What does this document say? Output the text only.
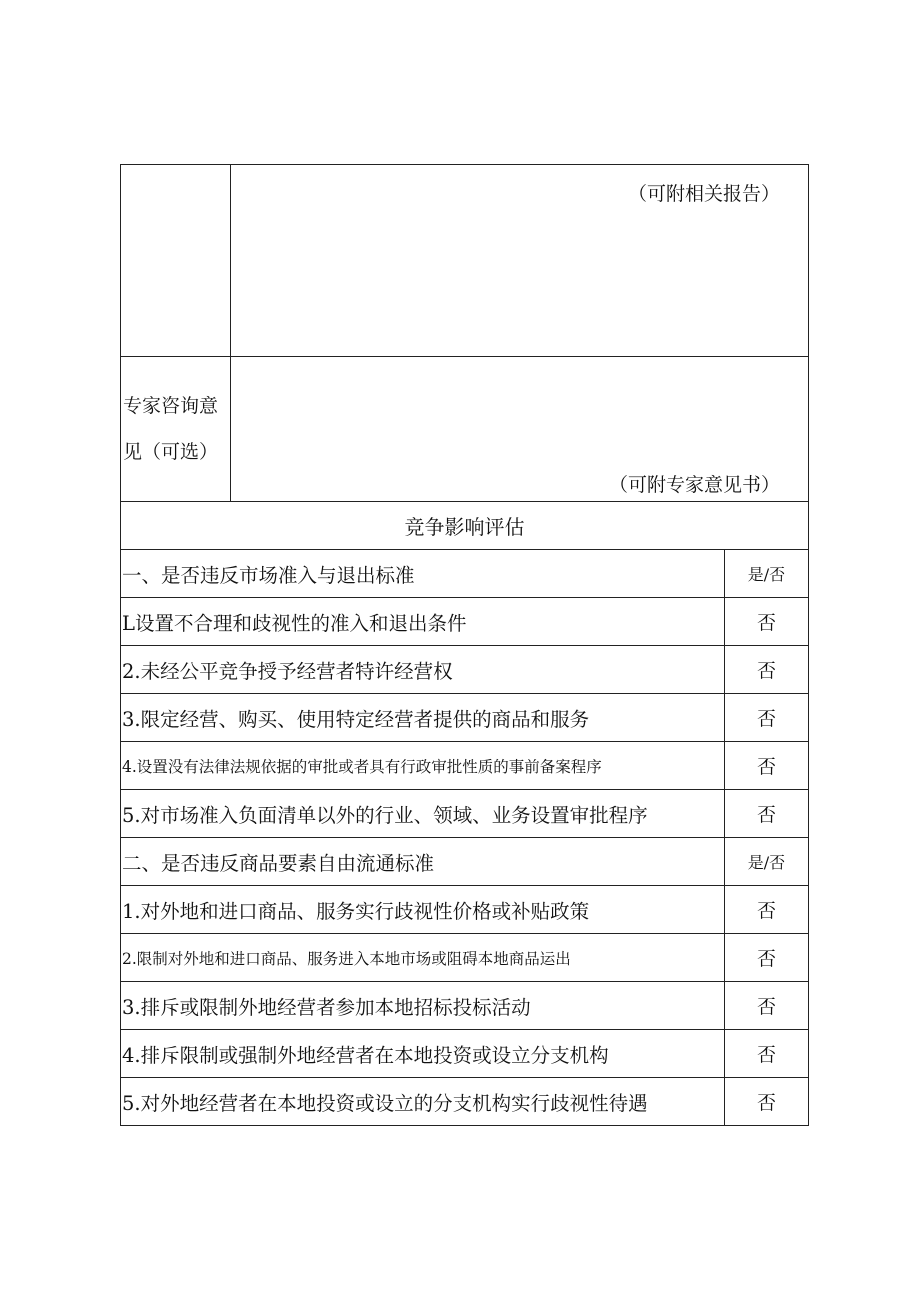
	（可附相关报告）	
专家咨询意见（可选）	（可附专家意见书）	
竞争影响评估		
一、是否违反市场准入与退出标准		是/否
L设置不合理和歧视性的准入和退出条件		否
2.未经公平竞争授予经营者特许经营权		否
3.限定经营、购买、使用特定经营者提供的商品和服务		否
4.设置没有法律法规依据的审批或者具有行政审批性质的事前备案程序		否
5.对市场准入负面清单以外的行业、领域、业务设置审批程序		否
二、是否违反商品要素自由流通标准		是/否
1.对外地和进口商品、服务实行歧视性价格或补贴政策		否
2.限制对外地和进口商品、服务进入本地市场或阻碍本地商品运出		否
3.排斥或限制外地经营者参加本地招标投标活动		否
4.排斥限制或强制外地经营者在本地投资或设立分支机构		否
5.对外地经营者在本地投资或设立的分支机构实行歧视性待遇		否
